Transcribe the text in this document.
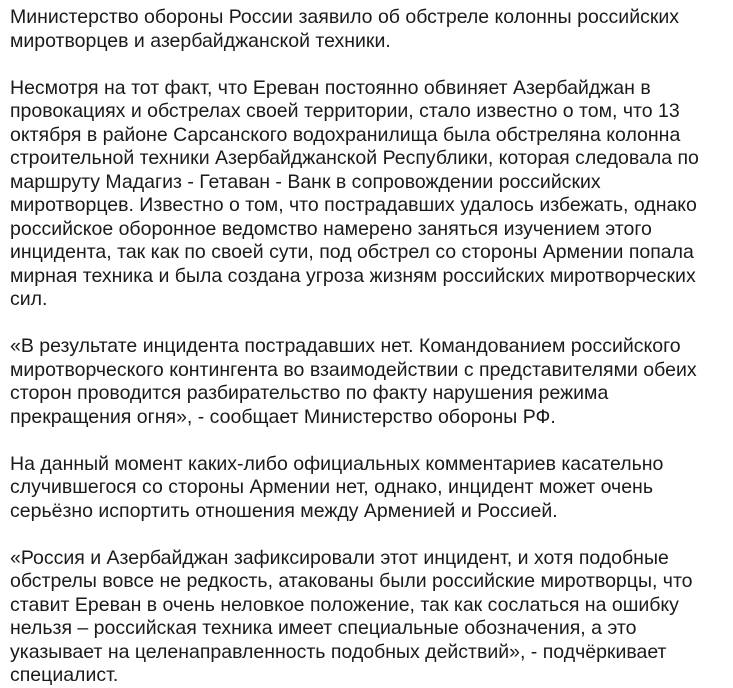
Министерство обороны России заявило об обстреле колонны российских миротворцев и азербайджанской техники.

Несмотря на тот факт, что Ереван постоянно обвиняет Азербайджан в провокациях и обстрелах своей территории, стало известно о том, что 13 октября в районе Сарсанского водохранилища была обстреляна колонна строительной техники Азербайджанской Республики, которая следовала по маршруту Мадагиз - Гетаван - Ванк в сопровождении российских миротворцев. Известно о том, что пострадавших удалось избежать, однако российское оборонное ведомство намерено заняться изучением этого инцидента, так как по своей сути, под обстрел со стороны Армении попала мирная техника и была создана угроза жизням российских миротворческих сил.

«В результате инцидента пострадавших нет. Командованием российского миротворческого контингента во взаимодействии с представителями обеих сторон проводится разбирательство по факту нарушения режима прекращения огня», - сообщает Министерство обороны РФ.

На данный момент каких-либо официальных комментариев касательно случившегося со стороны Армении нет, однако, инцидент может очень серьёзно испортить отношения между Арменией и Россией.

«Россия и Азербайджан зафиксировали этот инцидент, и хотя подобные обстрелы вовсе не редкость, атакованы были российские миротворцы, что ставит Ереван в очень неловкое положение, так как сослаться на ошибку нельзя – российская техника имеет специальные обозначения, а это указывает на целенаправленность подобных действий», - подчёркивает специалист.
